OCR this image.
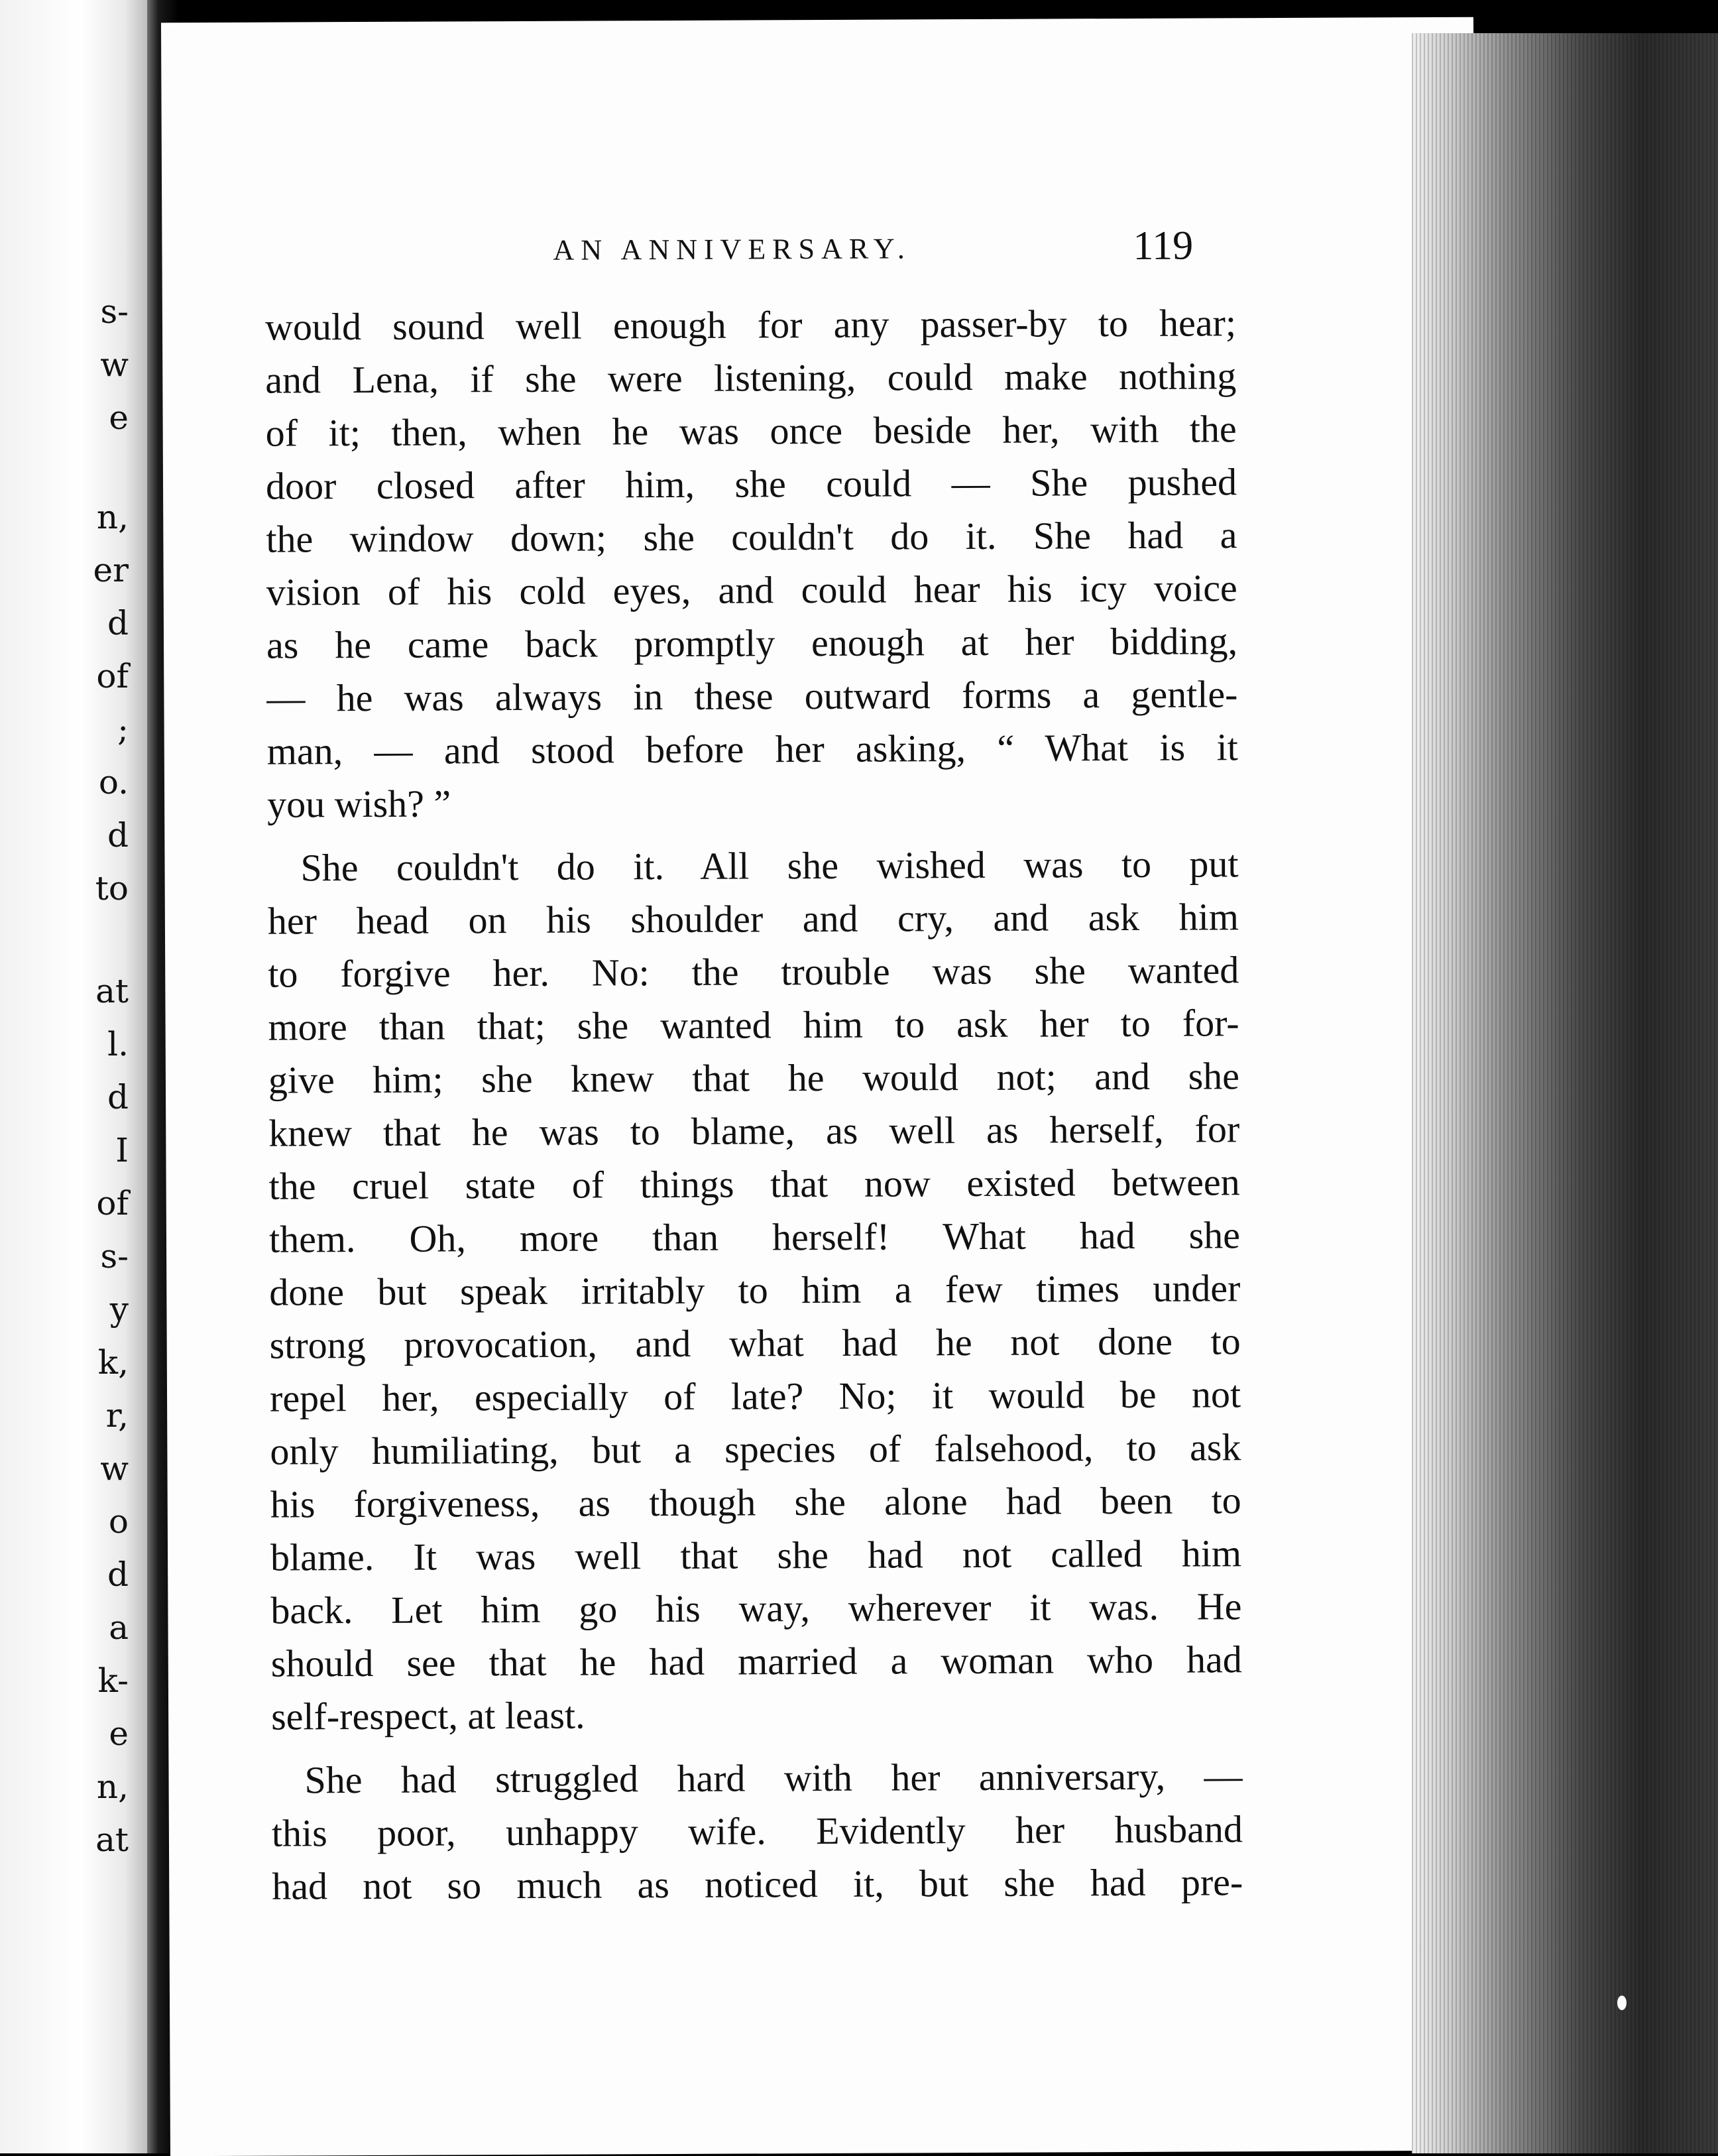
s-
w
e
n,
er
d
of
;
o.
d
to
at
l.
d
I
of
s-
y
k,
r,
w
o
d
a
k-
e
n,
at
AN ANNIVERSARY.	119
would sound well enough for any passer-by to hear;
and Lena, if she were listening, could make nothing
of it; then, when he was once beside her, with the
door closed after him, she could — She pushed
the window down; she couldn't do it. She had a
vision of his cold eyes, and could hear his icy voice
as he came back promptly enough at her bidding,
— he was always in these outward forms a gentle-
man, — and stood before her asking, “ What is it
you wish? ”
She couldn't do it. All she wished was to put
her head on his shoulder and cry, and ask him
to forgive her. No: the trouble was she wanted
more than that; she wanted him to ask her to for-
give him; she knew that he would not; and she
knew that he was to blame, as well as herself, for
the cruel state of things that now existed between
them. Oh, more than herself! What had she
done but speak irritably to him a few times under
strong provocation, and what had he not done to
repel her, especially of late? No; it would be not
only humiliating, but a species of falsehood, to ask
his forgiveness, as though she alone had been to
blame. It was well that she had not called him
back. Let him go his way, wherever it was. He
should see that he had married a woman who had
self-respect, at least.
She had struggled hard with her anniversary, —
this poor, unhappy wife. Evidently her husband
had not so much as noticed it, but she had pre-
